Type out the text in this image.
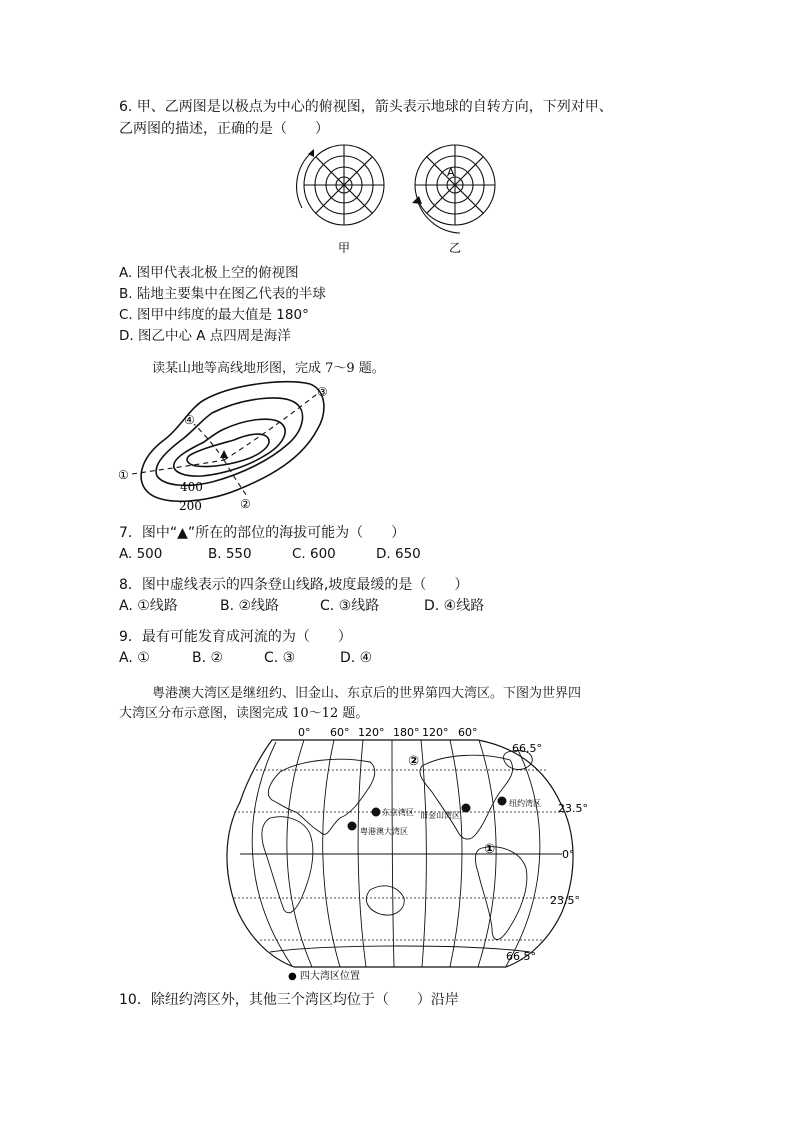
6. 甲、乙两图是以极点为中心的俯视图，箭头表示地球的自转方向，下列对甲、
乙两图的描述，正确的是（　　）
A
甲	乙
A. 图甲代表北极上空的俯视图
B. 陆地主要集中在图乙代表的半球
C. 图甲中纬度的最大值是 180°
D. 图乙中心 A 点四周是海洋
读某山地等高线地形图，完成 7～9 题。
①
②
③
④
400
200
7．图中“▲”所在的部位的海拔可能为（　　）
A. 500	B. 550	C. 600	D. 650
8．图中虚线表示的四条登山线路,坡度最缓的是（　　）
A. ①线路	B. ②线路	C. ③线路	D. ④线路
9．最有可能发育成河流的为（　　）
A. ①	B. ②	C. ③	D. ④
粤港澳大湾区是继纽约、旧金山、东京后的世界第四大湾区。下图为世界四
大湾区分布示意图，读图完成 10～12 题。
东京湾区
粤港澳大湾区
旧金山湾区
纽约湾区
②
①
0° 60° 120° 180° 120° 60°
66.5°
23.5°
0°
23.5°
66.5°
● 四大湾区位置
10．除纽约湾区外，其他三个湾区均位于（　　）沿岸
